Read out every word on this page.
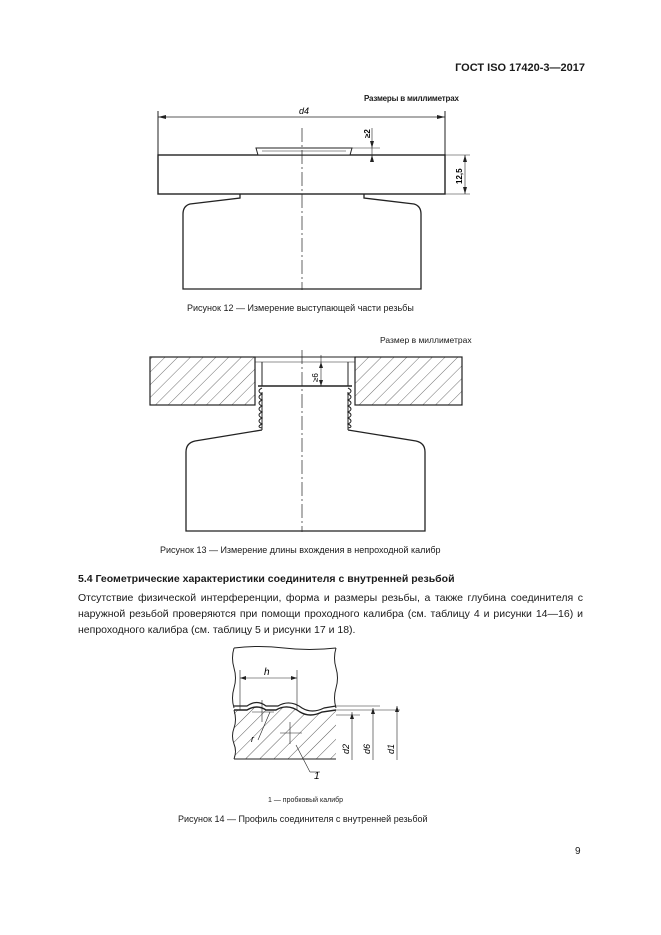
ГОСТ ISO 17420-3—2017
Размеры в миллиметрах
d4
≥2
12,5
Рисунок 12 — Измерение выступающей части резьбы
Размер в миллиметрах
≥6
Рисунок 13 — Измерение длины вхождения в непроходной калибр
5.4 Геометрические характеристики соединителя с внутренней резьбой
Отсутствие физической интерференции, форма и размеры резьбы, а также глубина соединителя с наружной резьбой проверяются при помощи проходного калибра (см. таблицу 4 и рисунки 14—16) и непроходного калибра (см. таблицу 5 и рисунки 17 и 18).
h
r
d2 d6 d1
1
1 — пробковый калибр
Рисунок 14 — Профиль соединителя с внутренней резьбой
9
